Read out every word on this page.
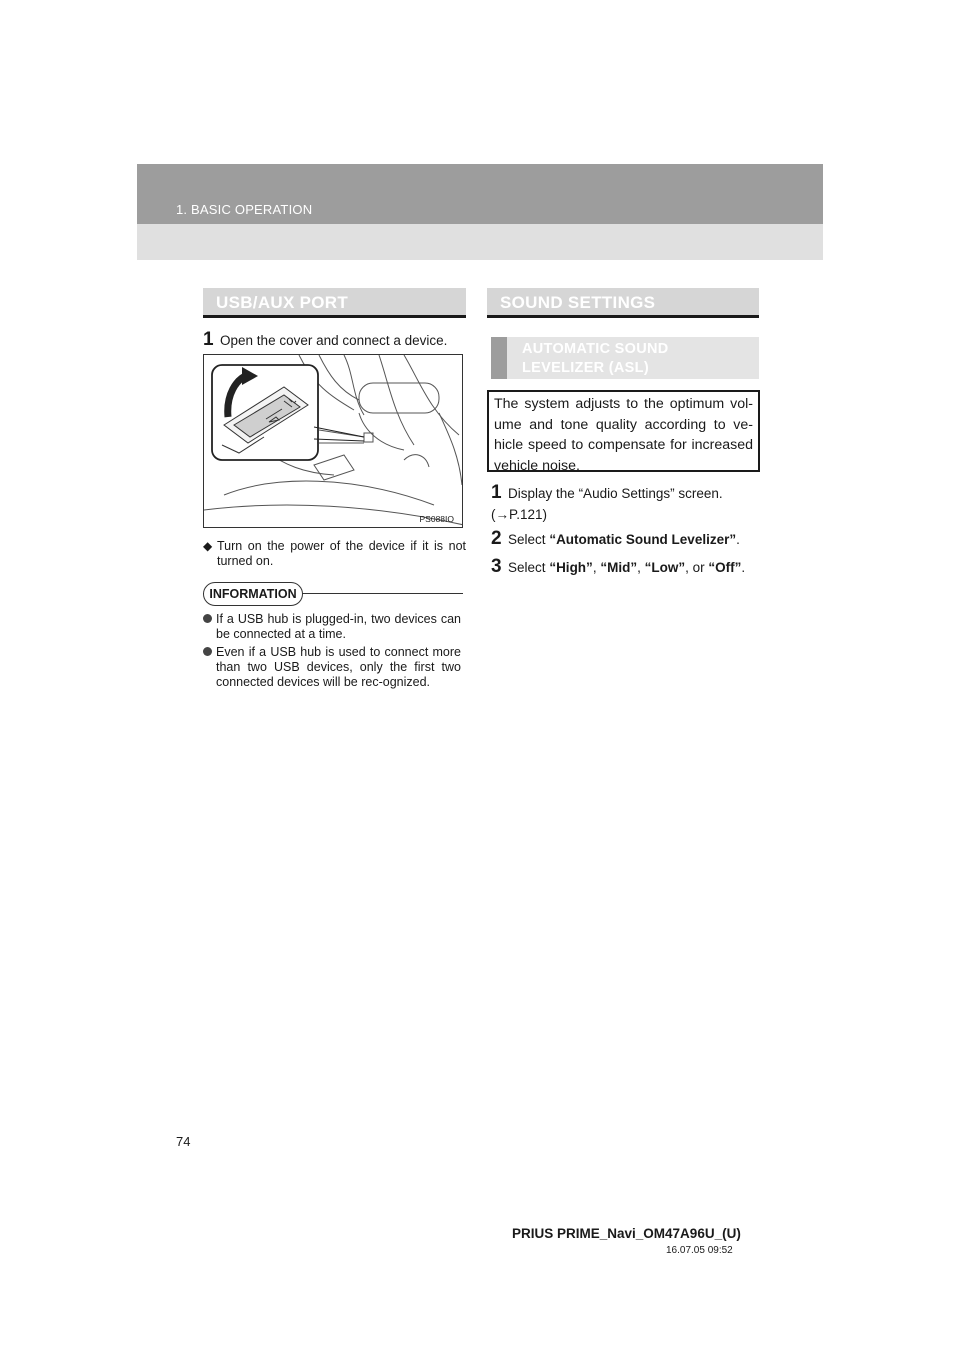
1. BASIC OPERATION
USB/AUX PORT
1 Open the cover and connect a device.
PS088IO
◆ Turn on the power of the device if it is not turned on.
INFORMATION
If a USB hub is plugged-in, two devices can be connected at a time.
Even if a USB hub is used to connect more than two USB devices, only the first two connected devices will be rec-ognized.
SOUND SETTINGS
AUTOMATIC SOUND
LEVELIZER (ASL)
The system adjusts to the optimum vol-ume and tone quality according to ve-hicle speed to compensate for increased vehicle noise.
1 Display the “Audio Settings” screen. (→P.121)
2 Select “Automatic Sound Levelizer”.
3 Select “High”, “Mid”, “Low”, or “Off”.
74
PRIUS PRIME_Navi_OM47A96U_(U)
16.07.05 09:52
